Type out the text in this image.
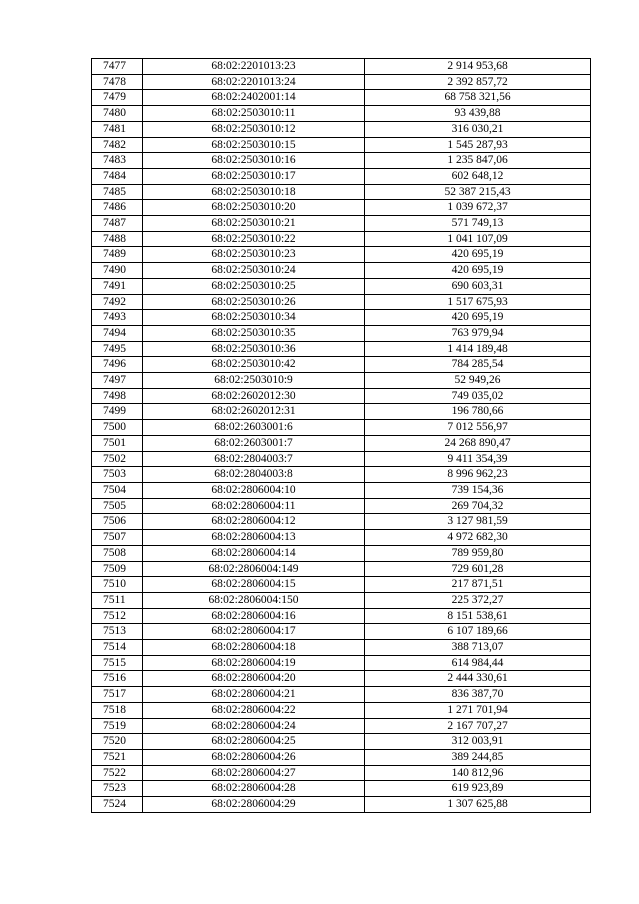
7477	68:02:2201013:23	2 914 953,68
7478	68:02:2201013:24	2 392 857,72
7479	68:02:2402001:14	68 758 321,56
7480	68:02:2503010:11	93 439,88
7481	68:02:2503010:12	316 030,21
7482	68:02:2503010:15	1 545 287,93
7483	68:02:2503010:16	1 235 847,06
7484	68:02:2503010:17	602 648,12
7485	68:02:2503010:18	52 387 215,43
7486	68:02:2503010:20	1 039 672,37
7487	68:02:2503010:21	571 749,13
7488	68:02:2503010:22	1 041 107,09
7489	68:02:2503010:23	420 695,19
7490	68:02:2503010:24	420 695,19
7491	68:02:2503010:25	690 603,31
7492	68:02:2503010:26	1 517 675,93
7493	68:02:2503010:34	420 695,19
7494	68:02:2503010:35	763 979,94
7495	68:02:2503010:36	1 414 189,48
7496	68:02:2503010:42	784 285,54
7497	68:02:2503010:9	52 949,26
7498	68:02:2602012:30	749 035,02
7499	68:02:2602012:31	196 780,66
7500	68:02:2603001:6	7 012 556,97
7501	68:02:2603001:7	24 268 890,47
7502	68:02:2804003:7	9 411 354,39
7503	68:02:2804003:8	8 996 962,23
7504	68:02:2806004:10	739 154,36
7505	68:02:2806004:11	269 704,32
7506	68:02:2806004:12	3 127 981,59
7507	68:02:2806004:13	4 972 682,30
7508	68:02:2806004:14	789 959,80
7509	68:02:2806004:149	729 601,28
7510	68:02:2806004:15	217 871,51
7511	68:02:2806004:150	225 372,27
7512	68:02:2806004:16	8 151 538,61
7513	68:02:2806004:17	6 107 189,66
7514	68:02:2806004:18	388 713,07
7515	68:02:2806004:19	614 984,44
7516	68:02:2806004:20	2 444 330,61
7517	68:02:2806004:21	836 387,70
7518	68:02:2806004:22	1 271 701,94
7519	68:02:2806004:24	2 167 707,27
7520	68:02:2806004:25	312 003,91
7521	68:02:2806004:26	389 244,85
7522	68:02:2806004:27	140 812,96
7523	68:02:2806004:28	619 923,89
7524	68:02:2806004:29	1 307 625,88
